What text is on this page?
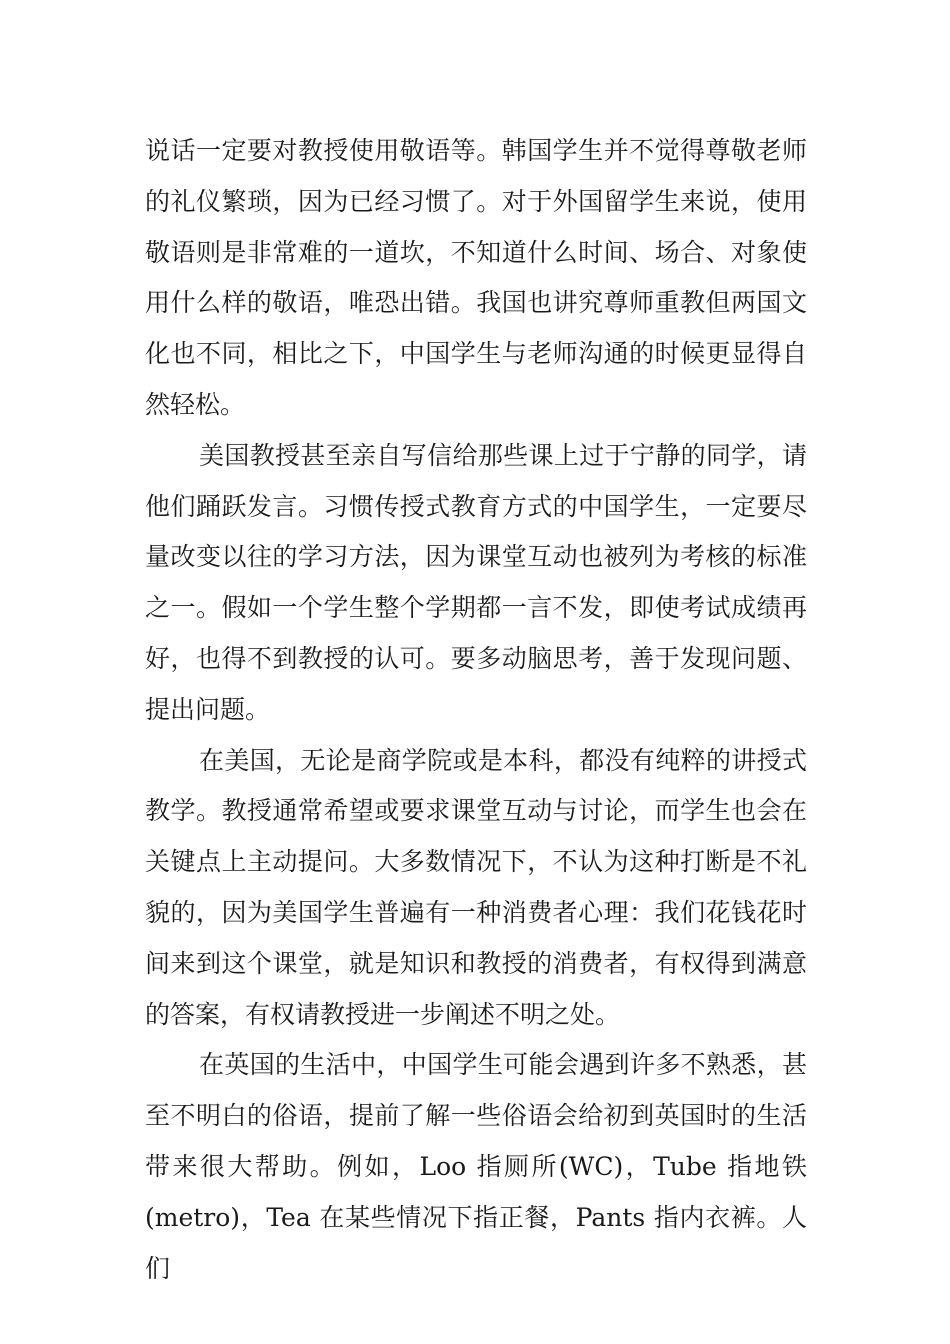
说话一定要对教授使用敬语等。韩国学生并不觉得尊敬老师的礼仪繁琐，因为已经习惯了。对于外国留学生来说，使用敬语则是非常难的一道坎，不知道什么时间、场合、对象使用什么样的敬语，唯恐出错。我国也讲究尊师重教但两国文化也不同，相比之下，中国学生与老师沟通的时候更显得自然轻松。

美国教授甚至亲自写信给那些课上过于宁静的同学，请他们踊跃发言。习惯传授式教育方式的中国学生，一定要尽量改变以往的学习方法，因为课堂互动也被列为考核的标准之一。假如一个学生整个学期都一言不发，即使考试成绩再好，也得不到教授的认可。要多动脑思考，善于发现问题、提出问题。

在美国，无论是商学院或是本科，都没有纯粹的讲授式教学。教授通常希望或要求课堂互动与讨论，而学生也会在关键点上主动提问。大多数情况下，不认为这种打断是不礼貌的，因为美国学生普遍有一种消费者心理：我们花钱花时间来到这个课堂，就是知识和教授的消费者，有权得到满意的答案，有权请教授进一步阐述不明之处。

在英国的生活中，中国学生可能会遇到许多不熟悉，甚至不明白的俗语，提前了解一些俗语会给初到英国时的生活带来很大帮助。例如，Loo 指厕所(WC)，Tube 指地铁(metro)，Tea 在某些情况下指正餐，Pants 指内衣裤。人们
